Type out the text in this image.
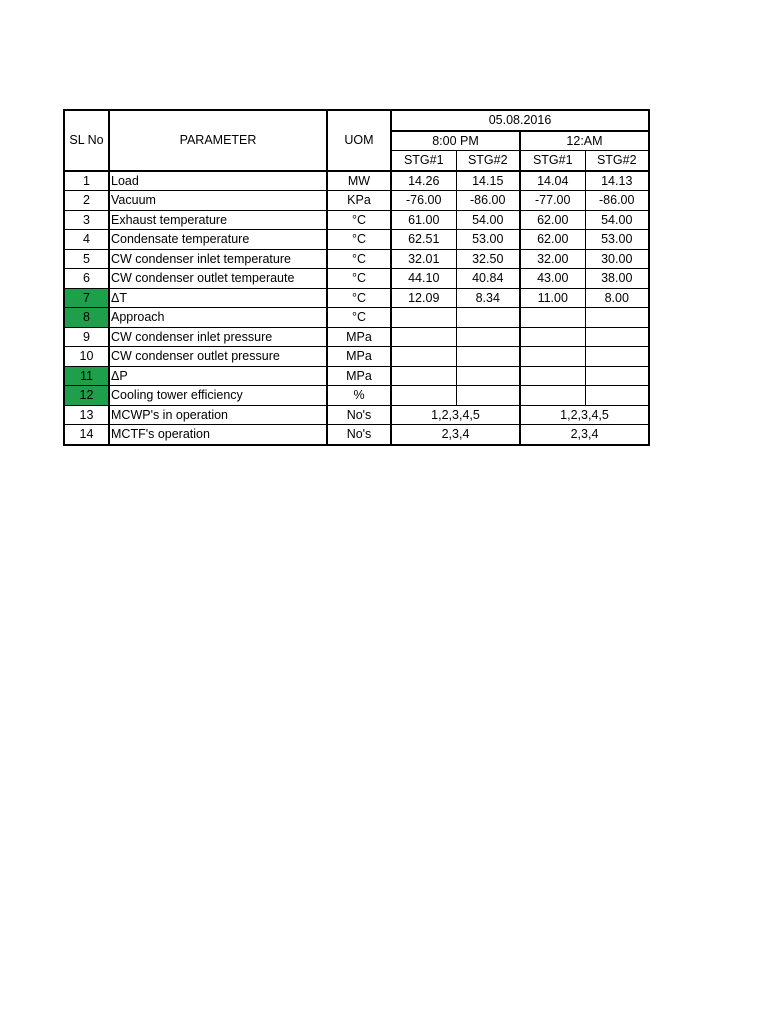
SL No	PARAMETER	UOM	05.08.2016			
			8:00 PM		12:AM	
			STG#1	STG#2	STG#1	STG#2
1	Load	MW	14.26	14.15	14.04	14.13
2	Vacuum	KPa	-76.00	-86.00	-77.00	-86.00
3	Exhaust temperature	°C	61.00	54.00	62.00	54.00
4	Condensate temperature	°C	62.51	53.00	62.00	53.00
5	CW condenser inlet temperature	°C	32.01	32.50	32.00	30.00
6	CW condenser outlet temperaute	°C	44.10	40.84	43.00	38.00
7	ΔT	°C	12.09	8.34	11.00	8.00
8	Approach	°C				
9	CW condenser inlet pressure	MPa				
10	CW condenser outlet pressure	MPa				
11	ΔP	MPa				
12	Cooling tower efficiency	%				
13	MCWP's in operation	No's	1,2,3,4,5		1,2,3,4,5	
14	MCTF's operation	No's	2,3,4		2,3,4	
